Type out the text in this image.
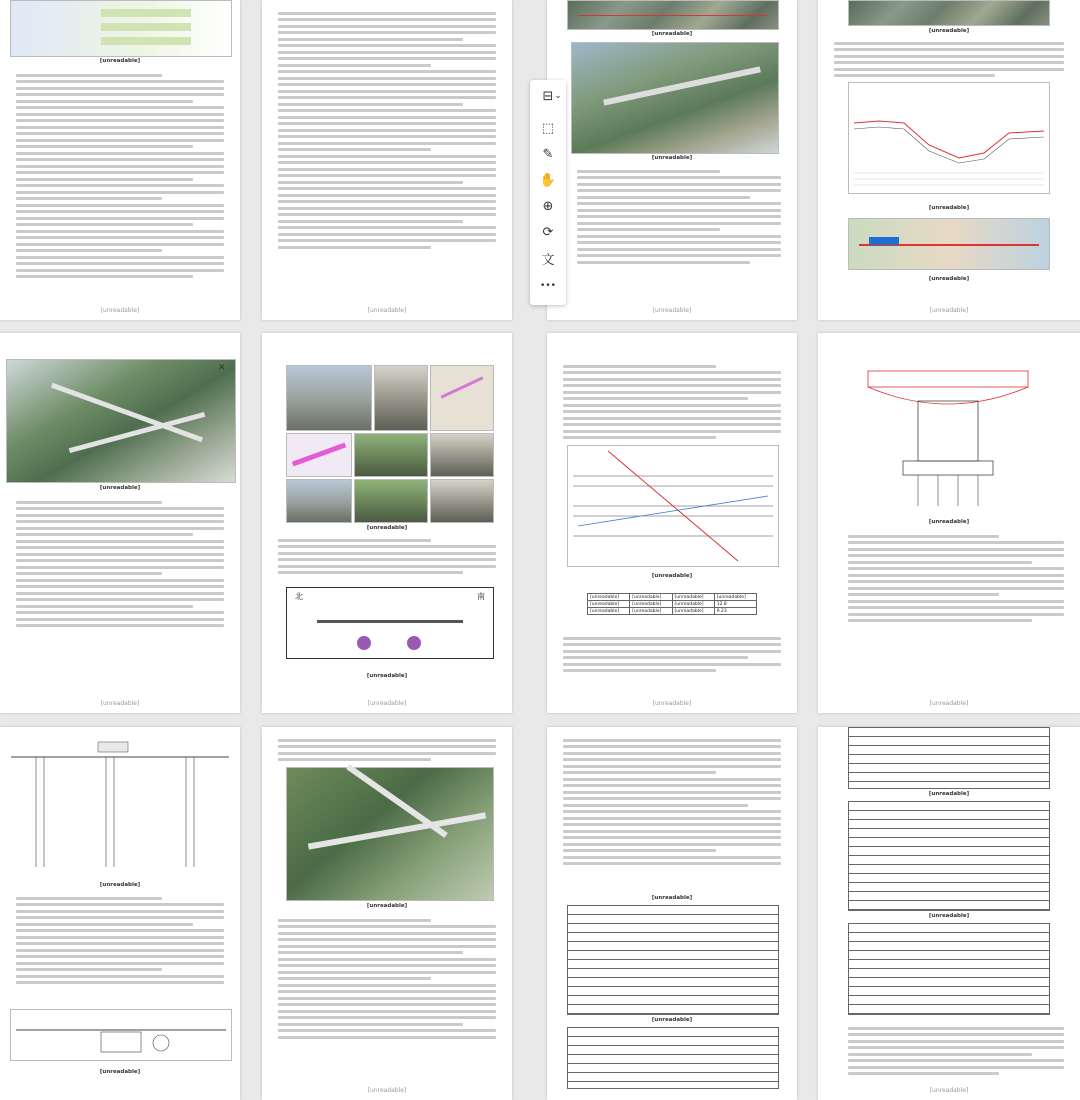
[unreadable]
[unreadable]	[unreadable]
[unreadable]
[unreadable]
[unreadable]
[unreadable]
[unreadable]
[unreadable]
[unreadable]
✕
[unreadable]
[unreadable]
[unreadable]
北	南
[unreadable]
[unreadable]
[unreadable]
[unreadable]	[unreadable]	[unreadable]	[unreadable]
[unreadable]	[unreadable]	[unreadable]	12.8
[unreadable]	[unreadable]	[unreadable]	9.23
[unreadable]
[unreadable]
[unreadable]
[unreadable]
[unreadable]
[unreadable]
[unreadable]
[unreadable]
[unreadable]
[unreadable]
[unreadable]
[unreadable]
⊟ ⌄
⬚
✎
✋
⊕
⟳
文
•••
